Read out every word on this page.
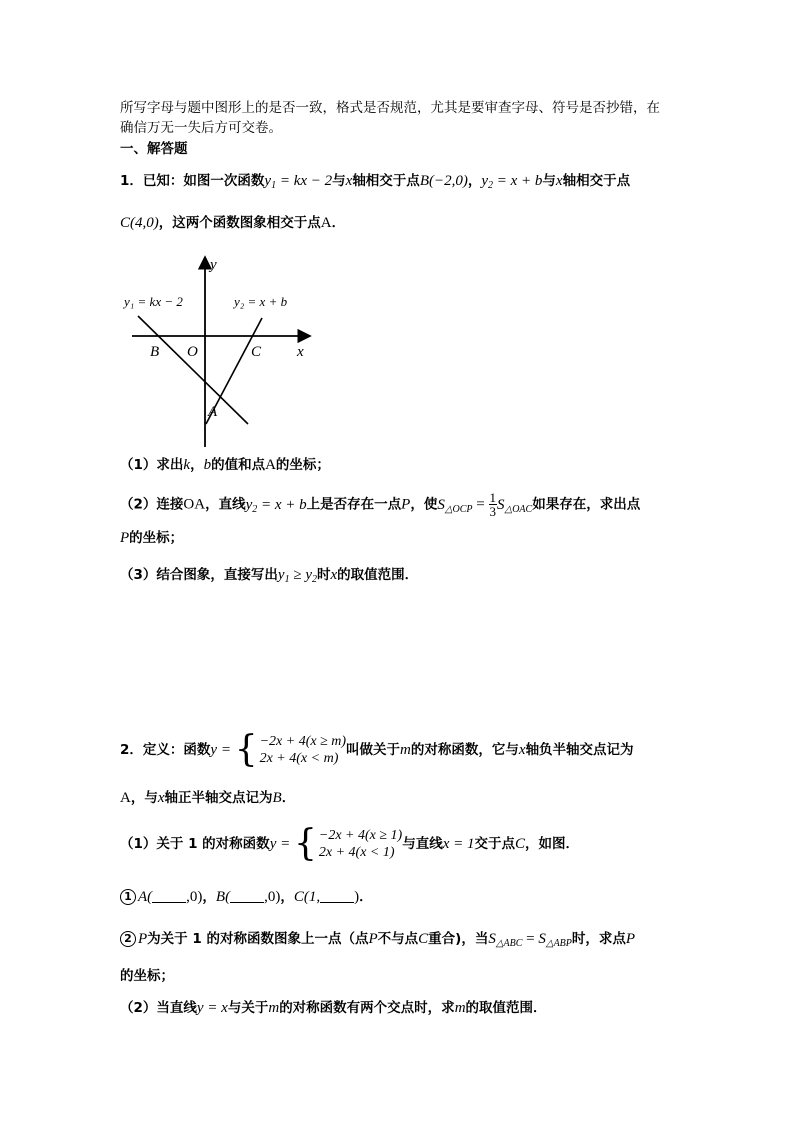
所写字母与题中图形上的是否一致，格式是否规范，尤其是要审查字母、符号是否抄错，在
确信万无一失后方可交卷。
一、解答题
1．已知：如图一次函数$y_1$ = kx − 2与x轴相交于点B(−2,0)，$y_2 = x + b$与x轴相交于点
C(4,0)，这两个函数图象相交于点A．
y
x
O
B	C
A
y₁ = kx − 2	y₂ = x + b
（1）求出k，b的值和点A的坐标；
（2）连接OA，直线$y_2 = x + b$上是否存在一点P，使$S_{\triangle OCP} = \frac{1}{3} S_{\triangle OAC}$如果存在，求出点
P的坐标；
（3）结合图象，直接写出$y_1 \ge y_2$时x的取值范围．
2．定义：函数y = { −2x + 4(x ≥ m)
2x + 4(x < m)
叫做关于m的对称函数，它与x轴负半轴交点记为
A，与x轴正半轴交点记为B．
（1）关于 1 的对称函数y = { −2x + 4(x ≥ 1)
2x + 4(x < 1)
与直线x = 1交于点C，如图．
1 A( ,0)，B( ,0)，C(1, )．
2 P为关于 1 的对称函数图象上一点（点P不与点C重合)，当$S_{\triangle ABC} = S_{\triangle ABP}$时，求点P
的坐标；
（2）当直线y = x与关于m的对称函数有两个交点时，求m的取值范围．
